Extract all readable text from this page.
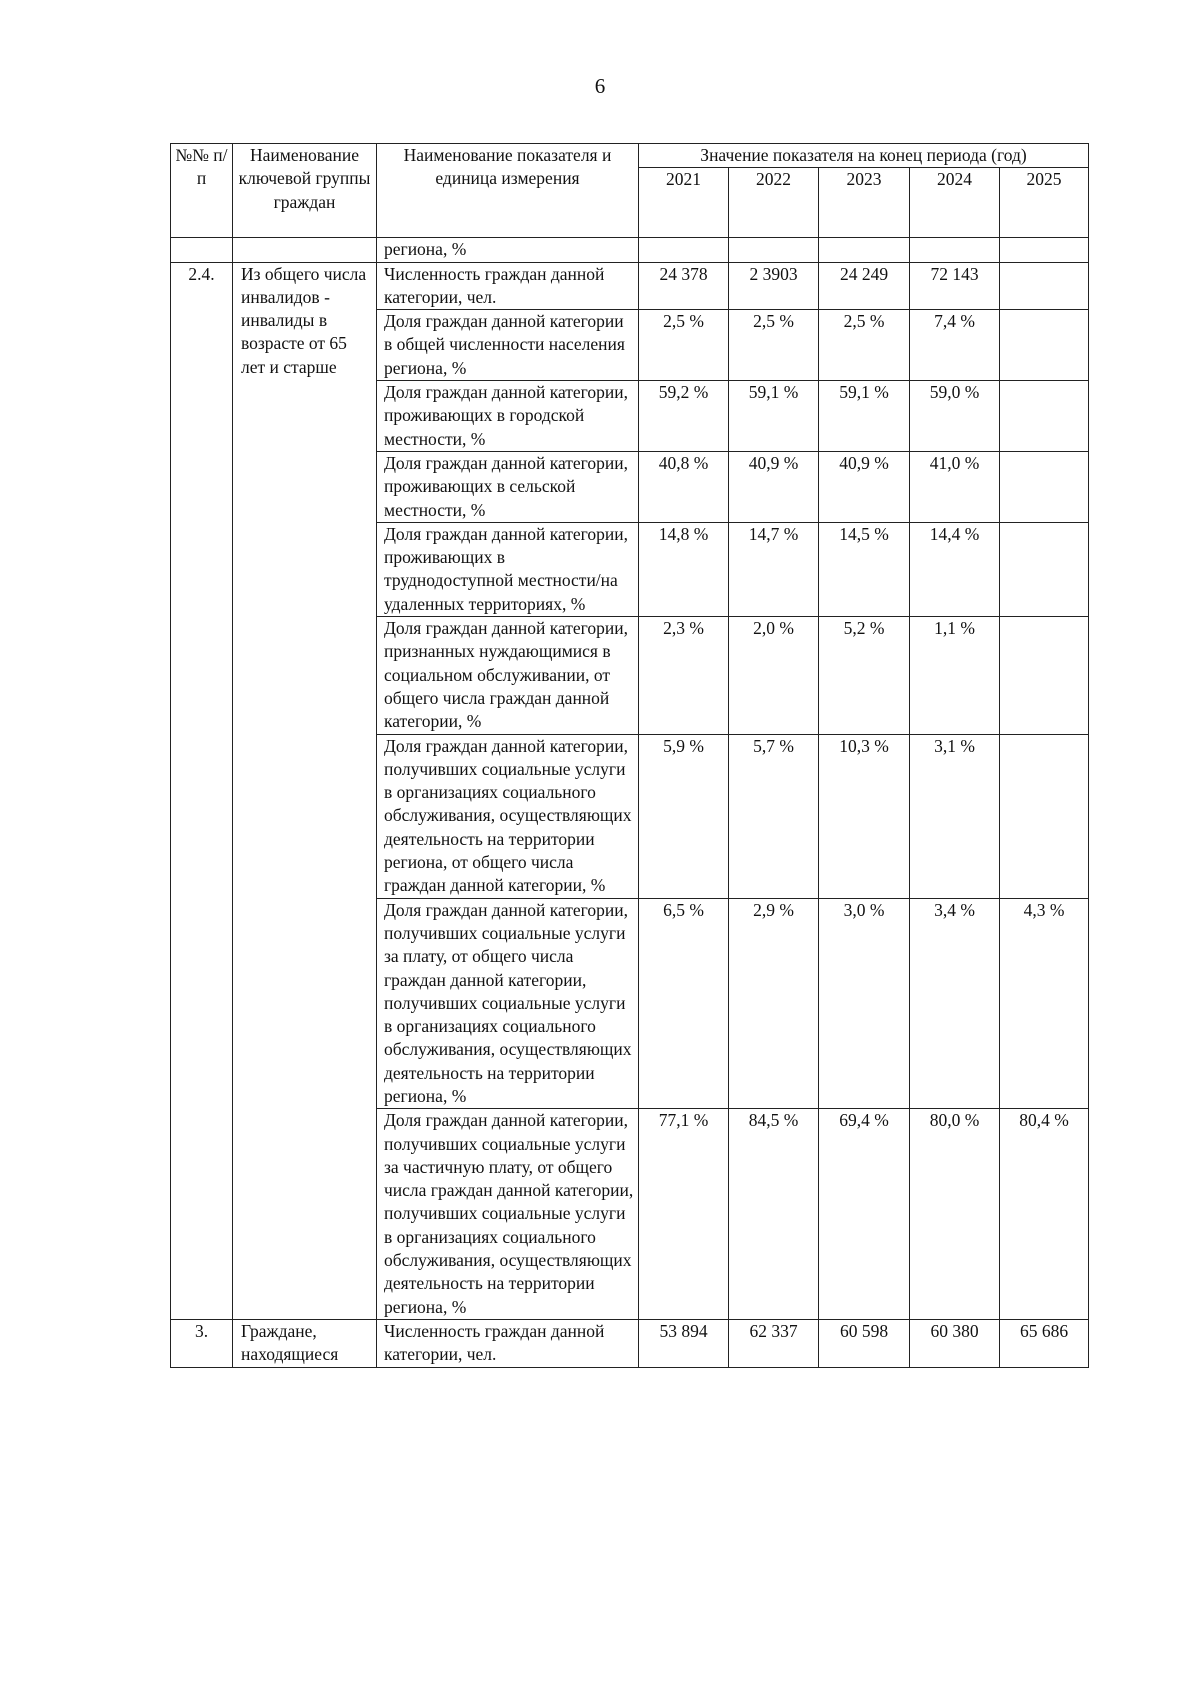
6
№№ п/п	Наименование ключевой группы граждан	Наименование показателя и единица измерения	Значение показателя на конец периода (год)				
			2021	2022	2023	2024	2025
		региона, %					
2.4.	Из общего числа инвалидов - инвалиды в возрасте от 65 лет и старше	Численность граждан данной категории, чел.	24 378	2 3903	24 249	72 143	
		Доля граждан данной категории в общей численности населения региона, %	2,5 %	2,5 %	2,5 %	7,4 %	
		Доля граждан данной категории, проживающих в городской местности, %	59,2 %	59,1 %	59,1 %	59,0 %	
		Доля граждан данной категории, проживающих в сельской местности, %	40,8 %	40,9 %	40,9 %	41,0 %	
		Доля граждан данной категории, проживающих в труднодоступной местности/на удаленных территориях, %	14,8 %	14,7 %	14,5 %	14,4 %	
		Доля граждан данной категории, признанных нуждающимися в социальном обслуживании, от общего числа граждан данной категории, %	2,3 %	2,0 %	5,2 %	1,1 %	
		Доля граждан данной категории, получивших социальные услуги в организациях социального обслуживания, осуществляющих деятельность на территории региона, от общего числа граждан данной категории, %	5,9 %	5,7 %	10,3 %	3,1 %	
		Доля граждан данной категории, получивших социальные услуги за плату, от общего числа граждан данной категории, получивших социальные услуги в организациях социального обслуживания, осуществляющих деятельность на территории региона, %	6,5 %	2,9 %	3,0 %	3,4 %	4,3 %
		Доля граждан данной категории, получивших социальные услуги за частичную плату, от общего числа граждан данной категории, получивших социальные услуги в организациях социального обслуживания, осуществляющих деятельность на территории региона, %	77,1 %	84,5 %	69,4 %	80,0 %	80,4 %
3.	Граждане, находящиеся	Численность граждан данной категории, чел.	53 894	62 337	60 598	60 380	65 686
